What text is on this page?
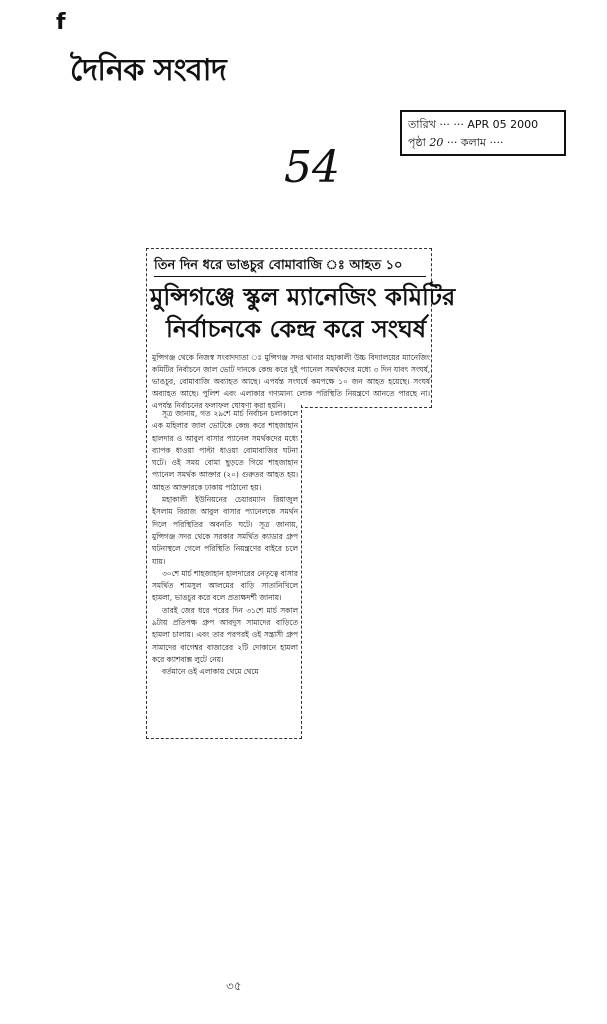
f
দৈনিক সংবাদ
54
তারিখ ··· ··· APR 05 2000
পৃষ্ঠা 20 ··· কলাম ····
তিন দিন ধরে ভাঙচুর বোমাবাজি ঃ আহত ১০
মুন্সিগঞ্জে স্কুল ম্যানেজিং কমিটির
নির্বাচনকে কেন্দ্র করে সংঘর্ষ
মুন্সিগঞ্জ থেকে নিজস্ব সংবাদদাতা ঃ মুন্সিগঞ্জ সদর থানার মহাকালী উচ্চ বিদ্যালয়ের ম্যানেজিং কমিটির নির্বাচনে জাল ভোট দানকে কেন্দ্র করে দুই প্যানেল সমর্থকদের মধ্যে ৩ দিন যাবৎ সংঘর্ষ, ভাঙচুর, বোমাবাজি অব্যাহত আছে। এপর্যন্ত সংঘর্ষে কমপক্ষে ১০ জন আহত হয়েছে। সংঘর্ষ অব্যাহত আছে। পুলিশ এবং এলাকার গণ্যমান্য লোক পরিস্থিতি নিয়ন্ত্রণে আনতে পারছে না। এপর্যন্ত নির্বাচনের ফলাফল ঘোষণা করা হয়নি।

সূত্র জানায়, গত ২৯শে মার্চ নির্বাচন চলাকালে এক মহিলার জাল ভোটকে কেন্দ্র করে শাহজাহান হালদার ও আবুল বাসার প্যানেল সমর্থকদের মধ্যে ব্যাপক ধাওয়া পাল্টা ধাওয়া বোমাবাজির ঘটনা ঘটে। ওই সময় বোমা ছুড়তে গিয়ে শাহজাহান প্যানেল সমর্থক আক্তার (২০) গুরুতর আহত হয়। আহত আক্তারকে ঢাকায় পাঠানো হয়।

মহাকালী ইউনিয়নের চেয়ারম্যান রিয়াজুল ইসলাম বিরাজ আবুল বাসার প্যানেলকে সমর্থন দিলে পরিস্থিতির অবনতি ঘটে। সূত্র জানায়, মুন্সিগঞ্জ সদর থেকে সরকার সমর্থিত ক্যাডার গ্রুপ ঘটনাস্থলে গেলে পরিস্থিতি নিয়ন্ত্রণের বাইরে চলে যায়।

৩০শে মার্চ শাহজাহান হালদারের নেতৃত্বে বাসার সমর্থিত শামসুল আলমের বাড়ি সাতানিখিলে হামলা, ভাঙচুর করে বলে প্রত্যক্ষদর্শী জানায়।

তারই জের ধরে পরের দিন ৩১শে মার্চ সকাল ৯টায় প্রতিপক্ষ গ্রুপ আবদুস সামাদের বাড়িতে হামলা চালায়। এবং তার পরপরই ওই সন্ত্রাসী গ্রুপ সামাদের বাগেশ্বর বাজারের ২টি দোকানে হামলা করে ক্যাশবাক্স লুটে নেয়।

বর্তমানে ওই এলাকায় থেমে থেমে

৩৫
